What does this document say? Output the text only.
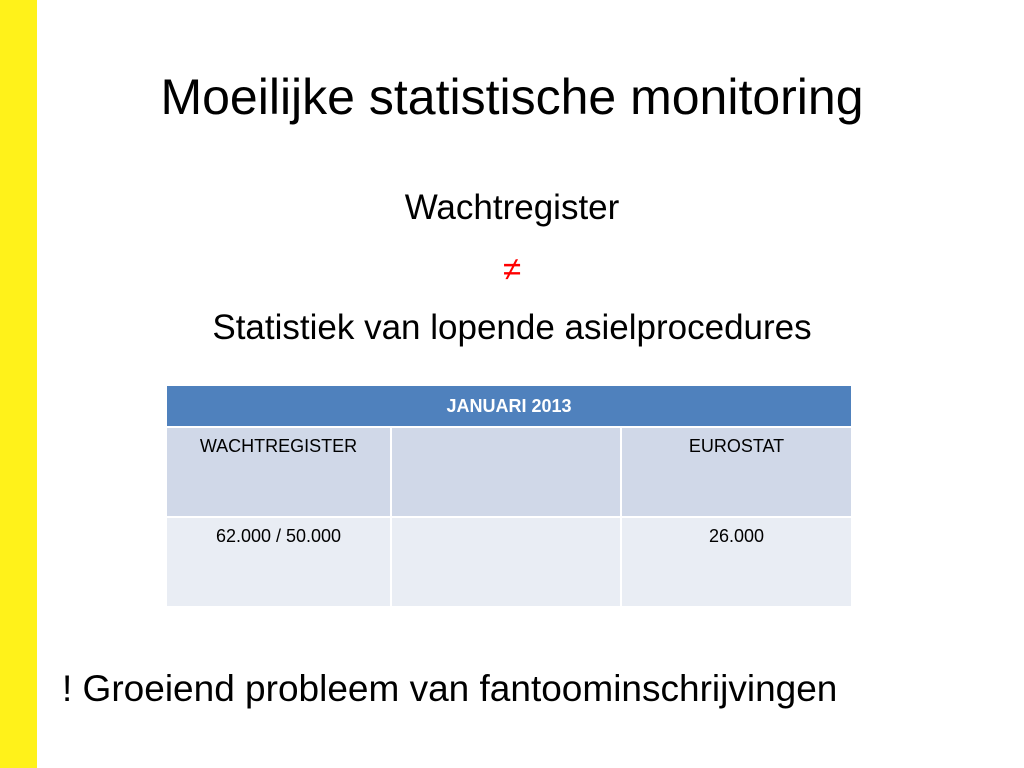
Moeilijke statistische monitoring
Wachtregister
≠
Statistiek van lopende asielprocedures
JANUARI 2013		
WACHTREGISTER		EUROSTAT
62.000 / 50.000		26.000
! Groeiend probleem van fantoominschrijvingen
